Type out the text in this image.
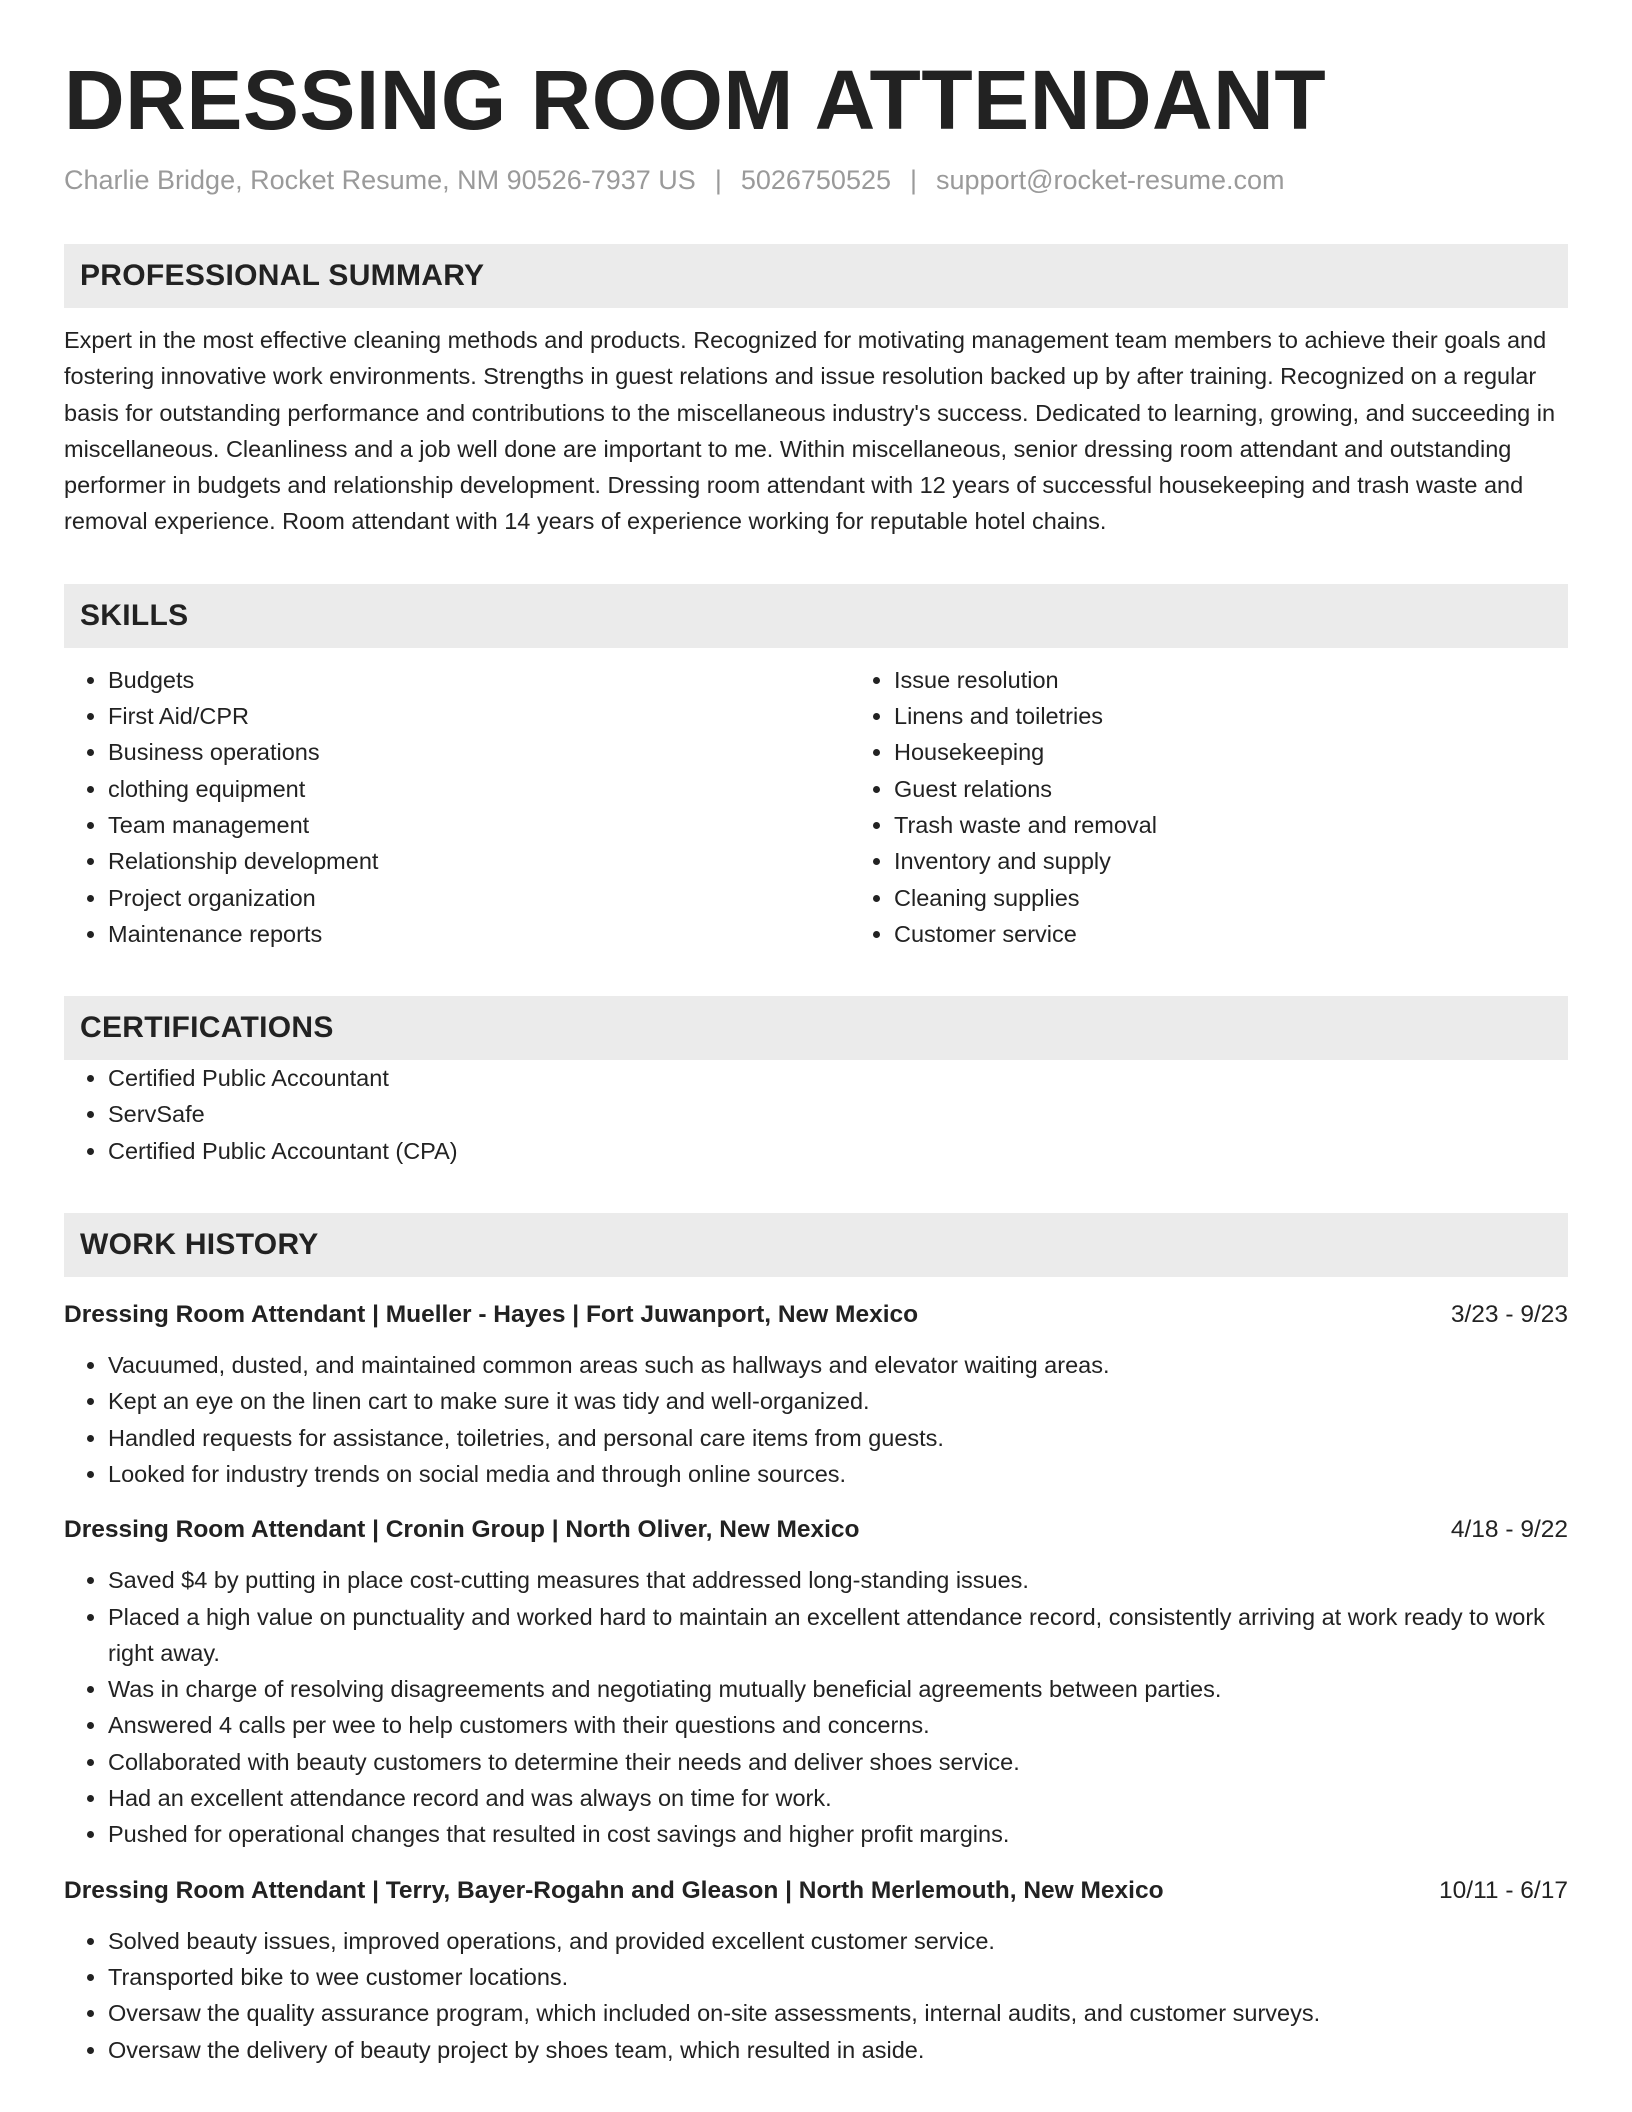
DRESSING ROOM ATTENDANT
Charlie Bridge, Rocket Resume, NM 90526-7937 US | 5026750525 | support@rocket-resume.com
PROFESSIONAL SUMMARY

Expert in the most effective cleaning methods and products. Recognized for motivating management team members to achieve their goals and fostering innovative work environments. Strengths in guest relations and issue resolution backed up by after training. Recognized on a regular basis for outstanding performance and contributions to the miscellaneous industry's success. Dedicated to learning, growing, and succeeding in miscellaneous. Cleanliness and a job well done are important to me. Within miscellaneous, senior dressing room attendant and outstanding performer in budgets and relationship development. Dressing room attendant with 12 years of successful housekeeping and trash waste and removal experience. Room attendant with 14 years of experience working for reputable hotel chains.

SKILLS
• Budgets
• First Aid/CPR
• Business operations
• clothing equipment
• Team management
• Relationship development
• Project organization
• Maintenance reports
• Issue resolution
• Linens and toiletries
• Housekeeping
• Guest relations
• Trash waste and removal
• Inventory and supply
• Cleaning supplies
• Customer service
CERTIFICATIONS
• Certified Public Accountant
• ServSafe
• Certified Public Accountant (CPA)
WORK HISTORY
Dressing Room Attendant | Mueller - Hayes | Fort Juwanport, New Mexico	3/23 - 9/23
• Vacuumed, dusted, and maintained common areas such as hallways and elevator waiting areas.
• Kept an eye on the linen cart to make sure it was tidy and well-organized.
• Handled requests for assistance, toiletries, and personal care items from guests.
• Looked for industry trends on social media and through online sources.
Dressing Room Attendant | Cronin Group | North Oliver, New Mexico	4/18 - 9/22
• Saved $4 by putting in place cost-cutting measures that addressed long-standing issues.
• Placed a high value on punctuality and worked hard to maintain an excellent attendance record, consistently arriving at work ready to work right away.
• Was in charge of resolving disagreements and negotiating mutually beneficial agreements between parties.
• Answered 4 calls per wee to help customers with their questions and concerns.
• Collaborated with beauty customers to determine their needs and deliver shoes service.
• Had an excellent attendance record and was always on time for work.
• Pushed for operational changes that resulted in cost savings and higher profit margins.
Dressing Room Attendant | Terry, Bayer-Rogahn and Gleason | North Merlemouth, New Mexico	10/11 - 6/17
• Solved beauty issues, improved operations, and provided excellent customer service.
• Transported bike to wee customer locations.
• Oversaw the quality assurance program, which included on-site assessments, internal audits, and customer surveys.
• Oversaw the delivery of beauty project by shoes team, which resulted in aside.
